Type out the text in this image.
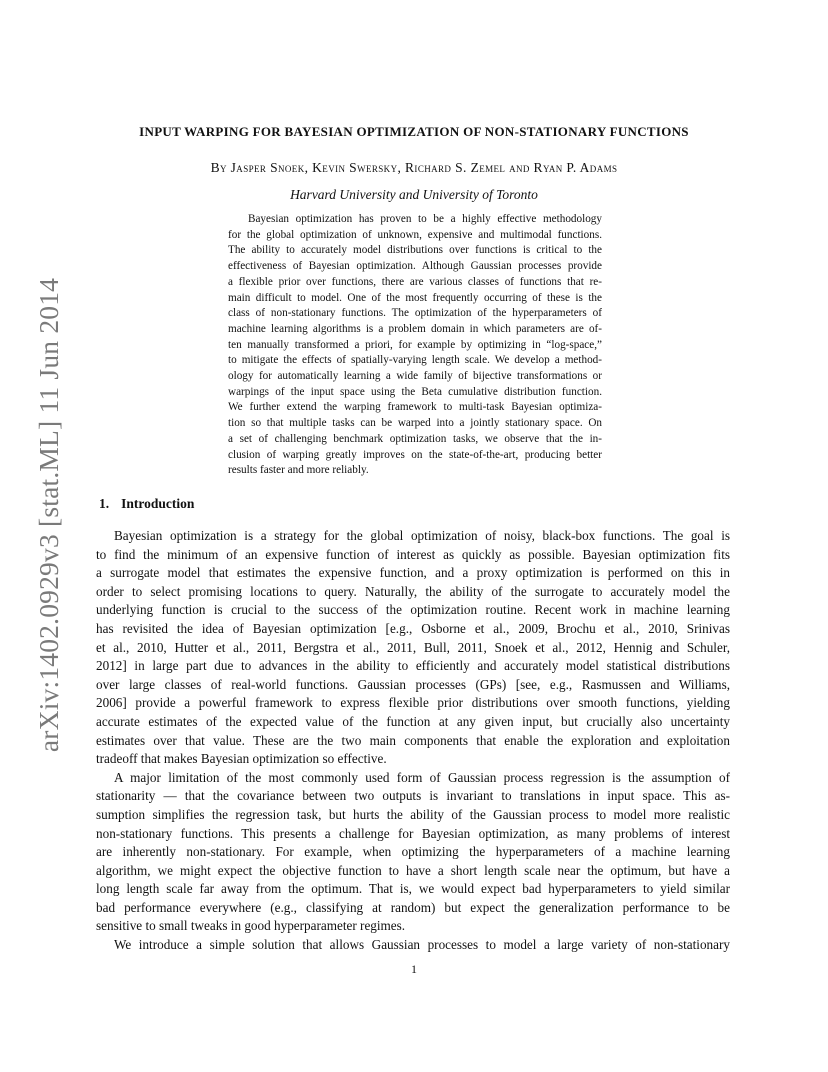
arXiv:1402.0929v3 [stat.ML] 11 Jun 2014
INPUT WARPING FOR BAYESIAN OPTIMIZATION OF NON-STATIONARY FUNCTIONS
By Jasper Snoek, Kevin Swersky, Richard S. Zemel and Ryan P. Adams
Harvard University and University of Toronto
Bayesian optimization has proven to be a highly effective methodology
for the global optimization of unknown, expensive and multimodal functions.
The ability to accurately model distributions over functions is critical to the
effectiveness of Bayesian optimization. Although Gaussian processes provide
a flexible prior over functions, there are various classes of functions that re-
main difficult to model. One of the most frequently occurring of these is the
class of non-stationary functions. The optimization of the hyperparameters of
machine learning algorithms is a problem domain in which parameters are of-
ten manually transformed a priori, for example by optimizing in “log-space,”
to mitigate the effects of spatially-varying length scale. We develop a method-
ology for automatically learning a wide family of bijective transformations or
warpings of the input space using the Beta cumulative distribution function.
We further extend the warping framework to multi-task Bayesian optimiza-
tion so that multiple tasks can be warped into a jointly stationary space. On
a set of challenging benchmark optimization tasks, we observe that the in-
clusion of warping greatly improves on the state-of-the-art, producing better
results faster and more reliably.
1. Introduction
Bayesian optimization is a strategy for the global optimization of noisy, black-box functions. The goal is
to find the minimum of an expensive function of interest as quickly as possible. Bayesian optimization fits
a surrogate model that estimates the expensive function, and a proxy optimization is performed on this in
order to select promising locations to query. Naturally, the ability of the surrogate to accurately model the
underlying function is crucial to the success of the optimization routine. Recent work in machine learning
has revisited the idea of Bayesian optimization [e.g., Osborne et al., 2009, Brochu et al., 2010, Srinivas
et al., 2010, Hutter et al., 2011, Bergstra et al., 2011, Bull, 2011, Snoek et al., 2012, Hennig and Schuler,
2012] in large part due to advances in the ability to efficiently and accurately model statistical distributions
over large classes of real-world functions. Gaussian processes (GPs) [see, e.g., Rasmussen and Williams,
2006] provide a powerful framework to express flexible prior distributions over smooth functions, yielding
accurate estimates of the expected value of the function at any given input, but crucially also uncertainty
estimates over that value. These are the two main components that enable the exploration and exploitation
tradeoff that makes Bayesian optimization so effective.
A major limitation of the most commonly used form of Gaussian process regression is the assumption of
stationarity — that the covariance between two outputs is invariant to translations in input space. This as-
sumption simplifies the regression task, but hurts the ability of the Gaussian process to model more realistic
non-stationary functions. This presents a challenge for Bayesian optimization, as many problems of interest
are inherently non-stationary. For example, when optimizing the hyperparameters of a machine learning
algorithm, we might expect the objective function to have a short length scale near the optimum, but have a
long length scale far away from the optimum. That is, we would expect bad hyperparameters to yield similar
bad performance everywhere (e.g., classifying at random) but expect the generalization performance to be
sensitive to small tweaks in good hyperparameter regimes.
We introduce a simple solution that allows Gaussian processes to model a large variety of non-stationary
1
